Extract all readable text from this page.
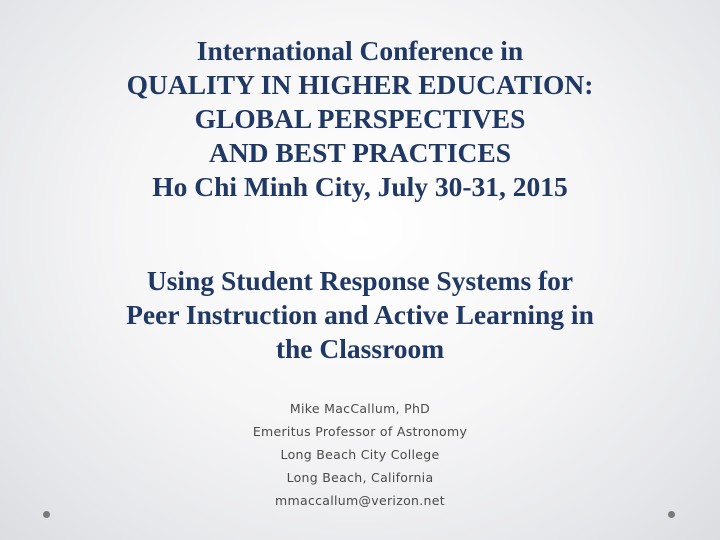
International Conference in
QUALITY IN HIGHER EDUCATION:
GLOBAL PERSPECTIVES
AND BEST PRACTICES
Ho Chi Minh City, July 30-31, 2015
Using Student Response Systems for
Peer Instruction and Active Learning in
the Classroom
Mike MacCallum, PhD
Emeritus Professor of Astronomy
Long Beach City College
Long Beach, California
mmaccallum@verizon.net
